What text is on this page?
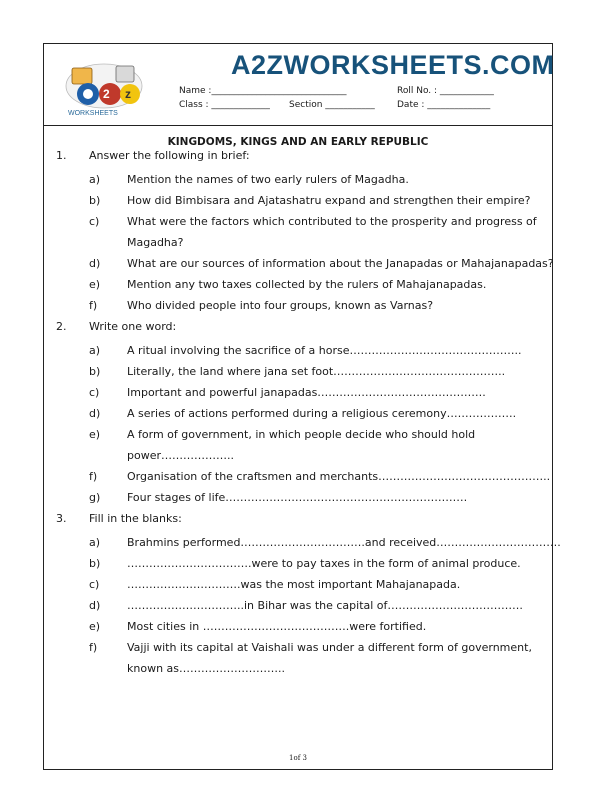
2 z
WORKSHEETS
A2ZWORKSHEETS.COM
Name :______________________________	Roll No. : ____________
Class : _____________ Section ___________ Date : ______________
KINGDOMS, KINGS AND AN EARLY REPUBLIC
1. Answer the following in brief:
a) Mention the names of two early rulers of Magadha.
b) How did Bimbisara and Ajatashatru expand and strengthen their empire?
c)	What were the factors which contributed to the prosperity and progress of
Magadha?
d) What are our sources of information about the Janapadas or Mahajanapadas?
e) Mention any two taxes collected by the rulers of Mahajanapadas.
f)	Who divided people into four groups, known as Varnas?
2. Write one word:
a) A ritual involving the sacrifice of a horse………………………………………..
b) Literally, the land where jana set foot………………………………………..
c)	Important and powerful janapadas……………………………………….
d) A series of actions performed during a religious ceremony……………….
e) A form of government, in which people decide who should hold
power………………..
f)	Organisation of the craftsmen and merchants………………………………………..
g) Four stages of life…………………………………………………………
3. Fill in the blanks:
a) Brahmins performed…………………………….and received…………………………….
b) …………………………….were to pay taxes in the form of animal produce.
c)	………………………….was the most important Mahajanapada.
d) …………………………..in Bihar was the capital of……………………………….
e) Most cities in ………………………………….were fortified.
f)	Vajji with its capital at Vaishali was under a different form of government,
known as………………………..
1of 3
